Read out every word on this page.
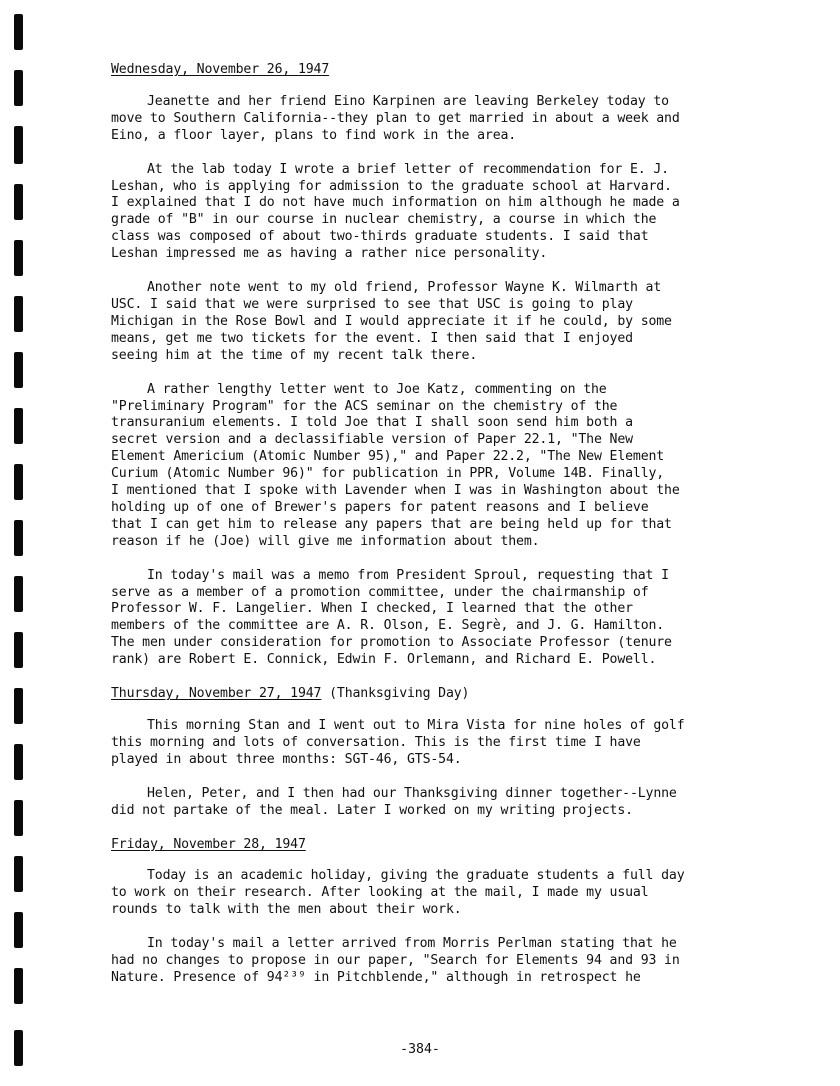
Wednesday, November 26, 1947

Jeanette and her friend Eino Karpinen are leaving Berkeley today to
move to Southern California--they plan to get married in about a week and
Eino, a floor layer, plans to find work in the area.

At the lab today I wrote a brief letter of recommendation for E. J.
Leshan, who is applying for admission to the graduate school at Harvard.
I explained that I do not have much information on him although he made a
grade of "B" in our course in nuclear chemistry, a course in which the
class was composed of about two-thirds graduate students. I said that
Leshan impressed me as having a rather nice personality.

Another note went to my old friend, Professor Wayne K. Wilmarth at
USC. I said that we were surprised to see that USC is going to play
Michigan in the Rose Bowl and I would appreciate it if he could, by some
means, get me two tickets for the event. I then said that I enjoyed
seeing him at the time of my recent talk there.

A rather lengthy letter went to Joe Katz, commenting on the
"Preliminary Program" for the ACS seminar on the chemistry of the
transuranium elements. I told Joe that I shall soon send him both a
secret version and a declassifiable version of Paper 22.1, "The New
Element Americium (Atomic Number 95)," and Paper 22.2, "The New Element
Curium (Atomic Number 96)" for publication in PPR, Volume 14B. Finally,
I mentioned that I spoke with Lavender when I was in Washington about the
holding up of one of Brewer's papers for patent reasons and I believe
that I can get him to release any papers that are being held up for that
reason if he (Joe) will give me information about them.

In today's mail was a memo from President Sproul, requesting that I
serve as a member of a promotion committee, under the chairmanship of
Professor W. F. Langelier. When I checked, I learned that the other
members of the committee are A. R. Olson, E. Segrè, and J. G. Hamilton.
The men under consideration for promotion to Associate Professor (tenure
rank) are Robert E. Connick, Edwin F. Orlemann, and Richard E. Powell.

Thursday, November 27, 1947 (Thanksgiving Day)

This morning Stan and I went out to Mira Vista for nine holes of golf
this morning and lots of conversation. This is the first time I have
played in about three months: SGT-46, GTS-54.

Helen, Peter, and I then had our Thanksgiving dinner together--Lynne
did not partake of the meal. Later I worked on my writing projects.

Friday, November 28, 1947

Today is an academic holiday, giving the graduate students a full day
to work on their research. After looking at the mail, I made my usual
rounds to talk with the men about their work.

In today's mail a letter arrived from Morris Perlman stating that he
had no changes to propose in our paper, "Search for Elements 94 and 93 in
Nature. Presence of 94²³⁹ in Pitchblende," although in retrospect he

-384-
